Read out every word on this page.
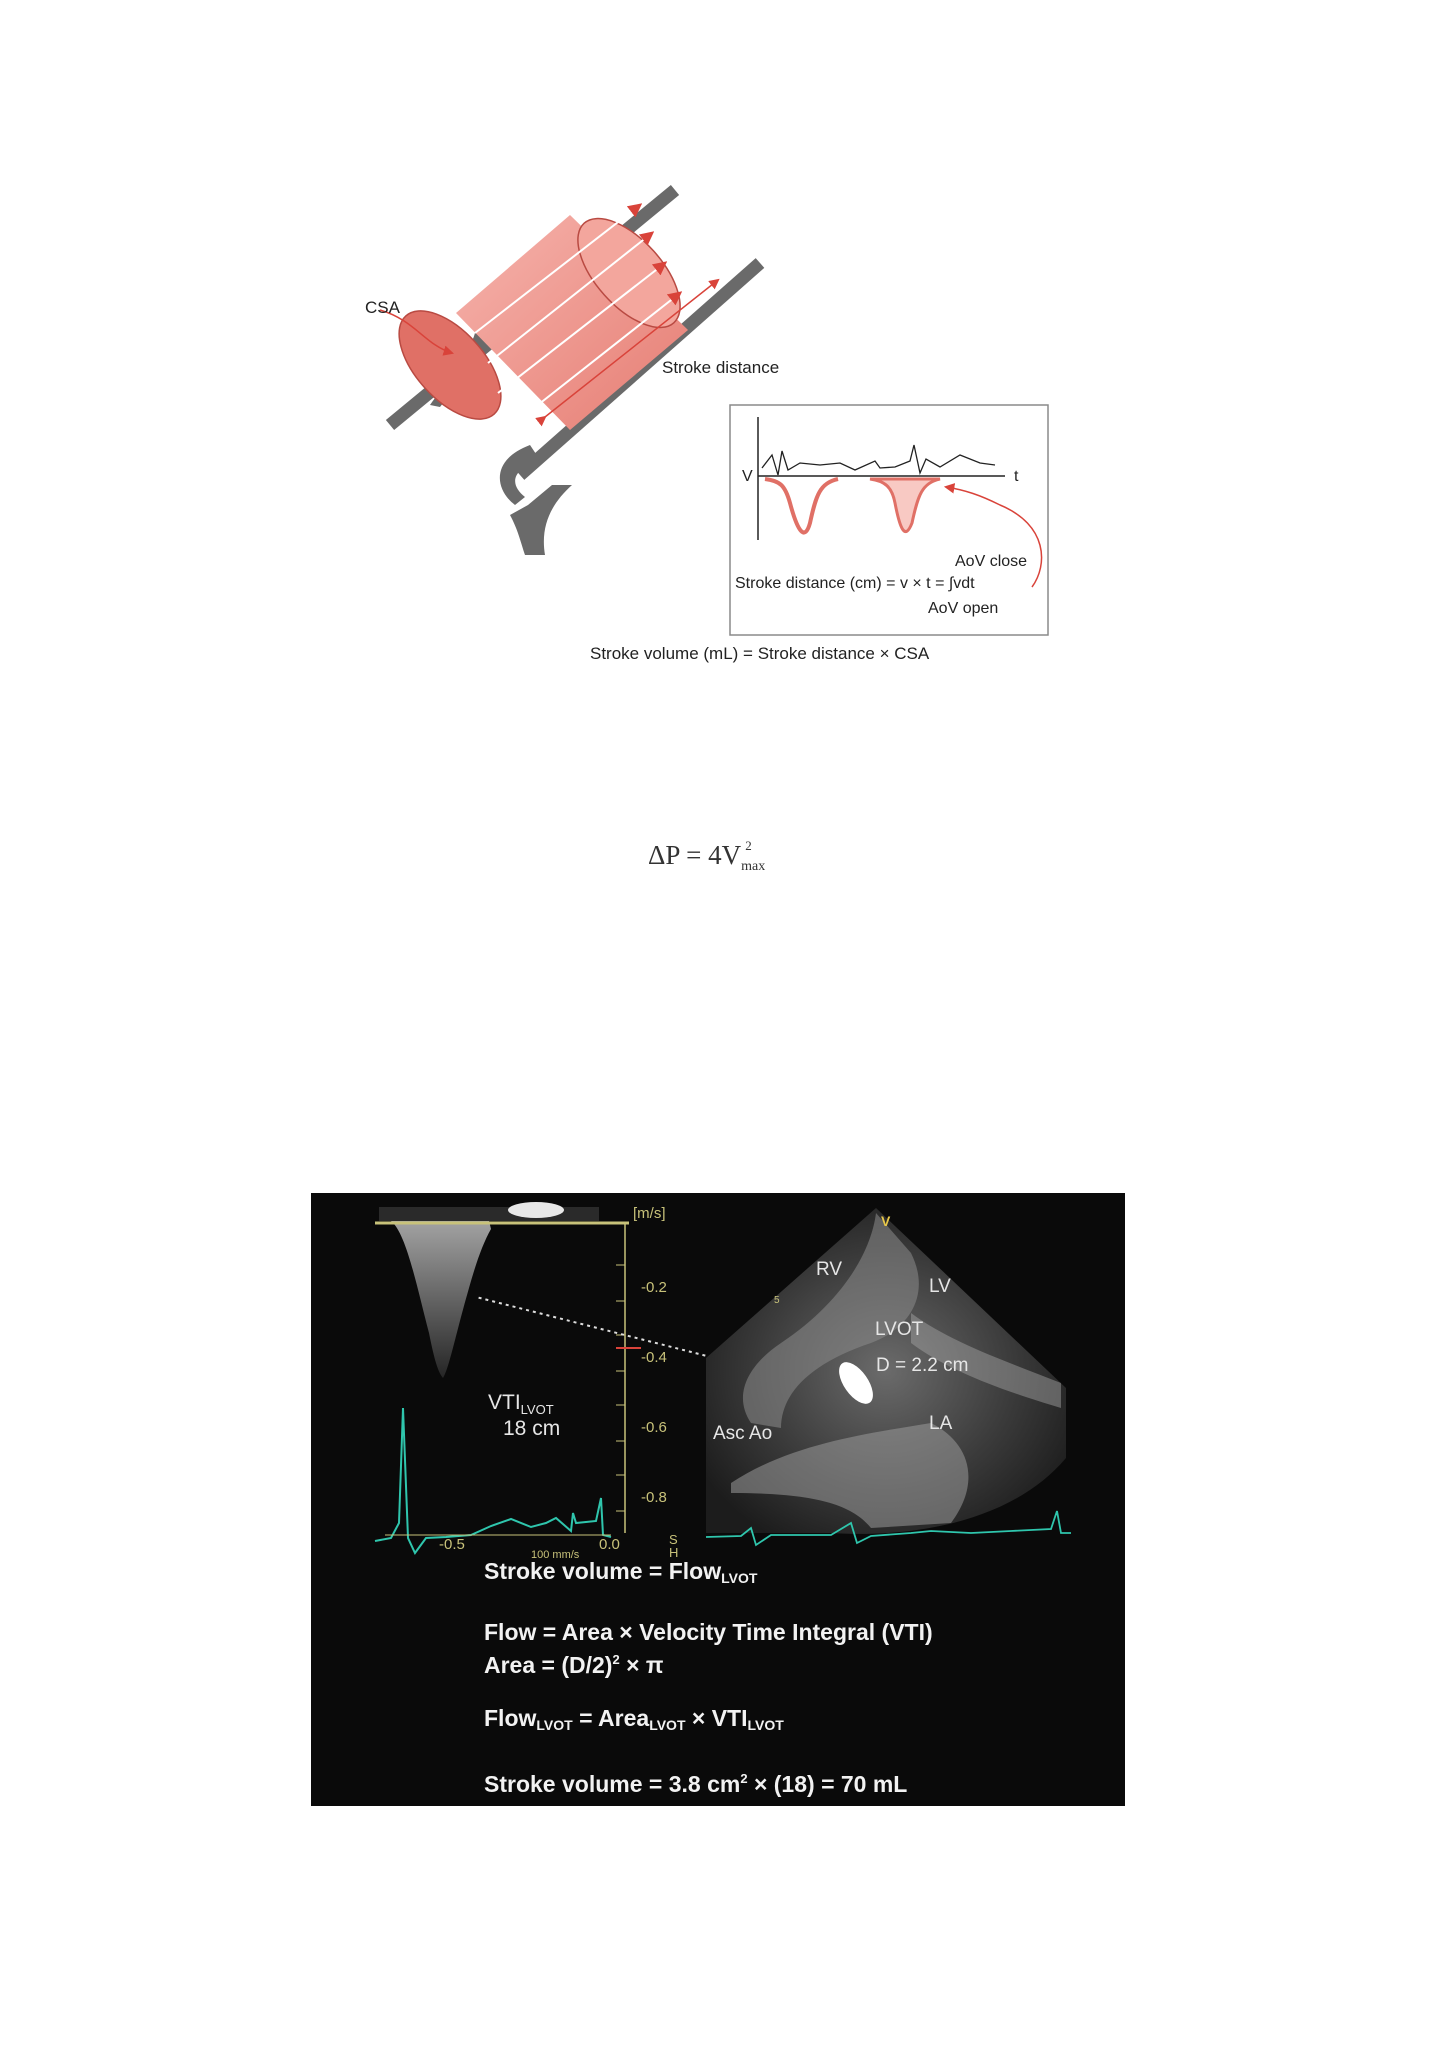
CSA
Stroke distance
V	t
AoV close
Stroke distance (cm) = v × t = ∫vdt
AoV open
Stroke volume (mL) = Stroke distance × CSA
$\Delta P = 4V_{max}^2$
[m/s]
-0.2
-0.4
-0.6
-0.8
-0.5	0.0
100 mm/s
S H
$VTI_{LVOT}$
18 cm
V
RV
LV
LVOT
D = 2.2 cm
LA
Asc Ao
5
Stroke volume = Flow$_{LVOT}$
Flow = Area × Velocity Time Integral (VTI)
Area = $(D/2)^2 \times \pi$
Flow$_{LVOT}$ = Area$_{LVOT}$ × $VTI_{LVOT}$
Stroke volume = 3.8 $cm^2 \times (18) = 70$ mL
